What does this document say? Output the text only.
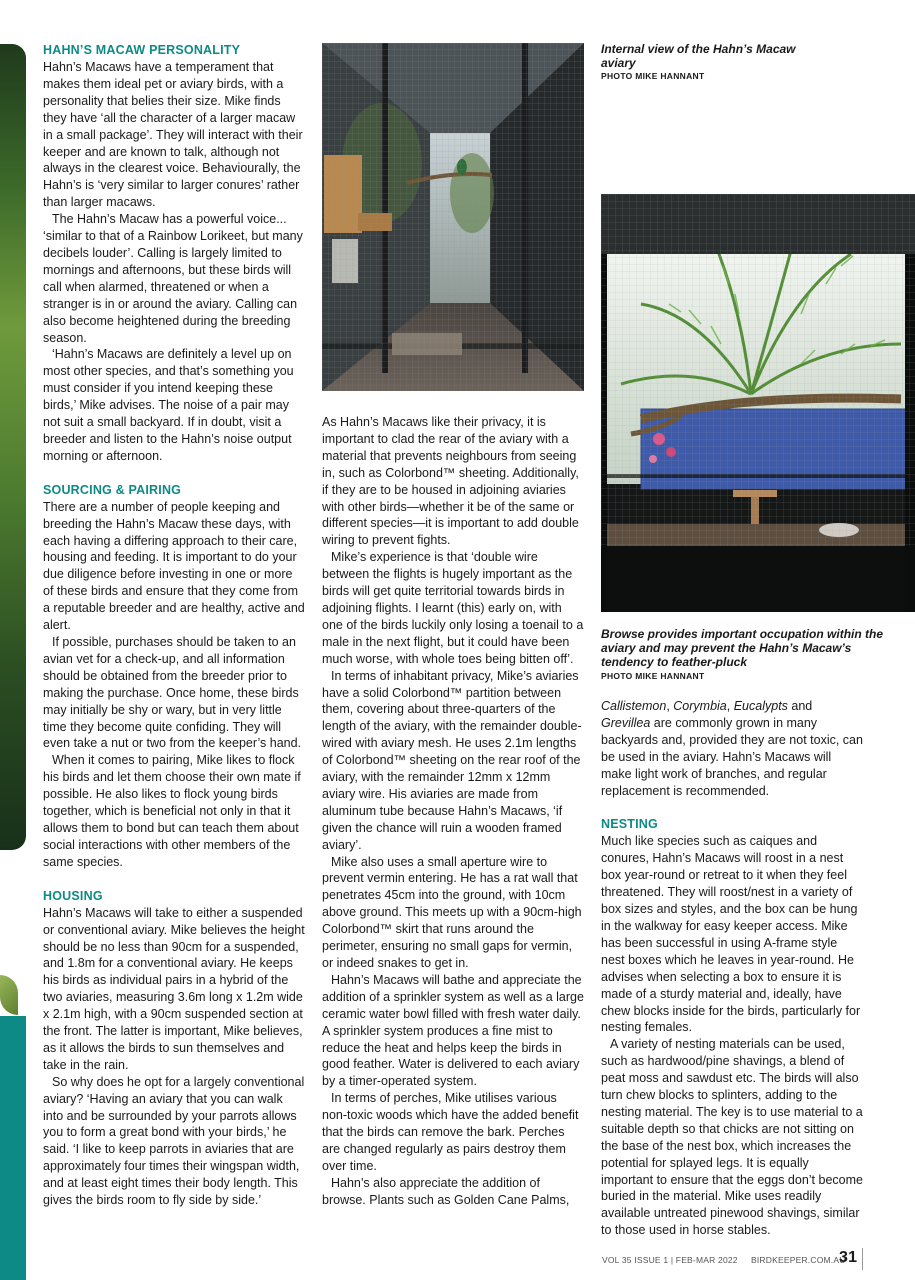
HAHN’S MACAW PERSONALITY

Hahn’s Macaws have a temperament that makes them ideal pet or aviary birds, with a personality that belies their size. Mike finds they have ‘all the character of a larger macaw in a small package’. They will interact with their keeper and are known to talk, although not always in the clearest voice. Behaviourally, the Hahn’s is ‘very similar to larger conures’ rather than larger macaws.

The Hahn’s Macaw has a powerful voice... ‘similar to that of a Rainbow Lorikeet, but many decibels louder’. Calling is largely limited to mornings and afternoons, but these birds will call when alarmed, threatened or when a stranger is in or around the aviary. Calling can also become heightened during the breeding season.

‘Hahn’s Macaws are definitely a level up on most other species, and that’s something you must consider if you intend keeping these birds,’ Mike advises. The noise of a pair may not suit a small backyard. If in doubt, visit a breeder and listen to the Hahn’s noise output morning or afternoon.

SOURCING & PAIRING

There are a number of people keeping and breeding the Hahn’s Macaw these days, with each having a differing approach to their care, housing and feeding. It is important to do your due diligence before investing in one or more of these birds and ensure that they come from a reputable breeder and are healthy, active and alert.

If possible, purchases should be taken to an avian vet for a check-up, and all information should be obtained from the breeder prior to making the purchase. Once home, these birds may initially be shy or wary, but in very little time they become quite confiding. They will even take a nut or two from the keeper’s hand.

When it comes to pairing, Mike likes to flock his birds and let them choose their own mate if possible. He also likes to flock young birds together, which is beneficial not only in that it allows them to bond but can teach them about social interactions with other members of the same species.

HOUSING

Hahn’s Macaws will take to either a suspended or conventional aviary. Mike believes the height should be no less than 90cm for a suspended, and 1.8m for a conventional aviary. He keeps his birds as individual pairs in a hybrid of the two aviaries, measuring 3.6m long x 1.2m wide x 2.1m high, with a 90cm suspended section at the front. The latter is important, Mike believes, as it allows the birds to sun themselves and take in the rain.

So why does he opt for a largely conventional aviary? ‘Having an aviary that you can walk into and be surrounded by your parrots allows you to form a great bond with your birds,’ he said. ‘I like to keep parrots in aviaries that are approximately four times their wingspan width, and at least eight times their body length. This gives the birds room to fly side by side.’

Internal view of the Hahn’s Macaw aviary
PHOTO MIKE HANNANT
Browse provides important occupation within the aviary and may prevent the Hahn’s Macaw’s tendency to feather-pluck
PHOTO MIKE HANNANT

As Hahn’s Macaws like their privacy, it is important to clad the rear of the aviary with a material that prevents neighbours from seeing in, such as Colorbond™ sheeting. Additionally, if they are to be housed in adjoining aviaries with other birds—whether it be of the same or different species—it is important to add double wiring to prevent fights.

Mike’s experience is that ‘double wire between the flights is hugely important as the birds will get quite territorial towards birds in adjoining flights. I learnt (this) early on, with one of the birds luckily only losing a toenail to a male in the next flight, but it could have been much worse, with whole toes being bitten off’.

In terms of inhabitant privacy, Mike’s aviaries have a solid Colorbond™ partition between them, covering about three-quarters of the length of the aviary, with the remainder double-wired with aviary mesh. He uses 2.1m lengths of Colorbond™ sheeting on the rear roof of the aviary, with the remainder 12mm x 12mm aviary wire. His aviaries are made from aluminum tube because Hahn’s Macaws, ‘if given the chance will ruin a wooden framed aviary’.

Mike also uses a small aperture wire to prevent vermin entering. He has a rat wall that penetrates 45cm into the ground, with 10cm above ground. This meets up with a 90cm-high Colorbond™ skirt that runs around the perimeter, ensuring no small gaps for vermin, or indeed snakes to get in.

Hahn’s Macaws will bathe and appreciate the addition of a sprinkler system as well as a large ceramic water bowl filled with fresh water daily. A sprinkler system produces a fine mist to reduce the heat and helps keep the birds in good feather. Water is delivered to each aviary by a timer-operated system.

In terms of perches, Mike utilises various non-toxic woods which have the added benefit that the birds can remove the bark. Perches are changed regularly as pairs destroy them over time.

Hahn’s also appreciate the addition of browse. Plants such as Golden Cane Palms,

Callistemon, Corymbia, Eucalypts and Grevillea are commonly grown in many backyards and, provided they are not toxic, can be used in the aviary. Hahn’s Macaws will make light work of branches, and regular replacement is recommended.

NESTING

Much like species such as caiques and conures, Hahn’s Macaws will roost in a nest box year-round or retreat to it when they feel threatened. They will roost/nest in a variety of box sizes and styles, and the box can be hung in the walkway for easy keeper access. Mike has been successful in using A-frame style nest boxes which he leaves in year-round. He advises when selecting a box to ensure it is made of a sturdy material and, ideally, have chew blocks inside for the birds, particularly for nesting females.

A variety of nesting materials can be used, such as hardwood/pine shavings, a blend of peat moss and sawdust etc. The birds will also turn chew blocks to splinters, adding to the nesting material. The key is to use material to a suitable depth so that chicks are not sitting on the base of the nest box, which increases the potential for splayed legs. It is equally important to ensure that the eggs don’t become buried in the material. Mike uses readily available untreated pinewood shavings, similar to those used in horse stables.

VOL 35 ISSUE 1 | FEB-MAR 2022 BIRDKEEPER.COM.AU
31
